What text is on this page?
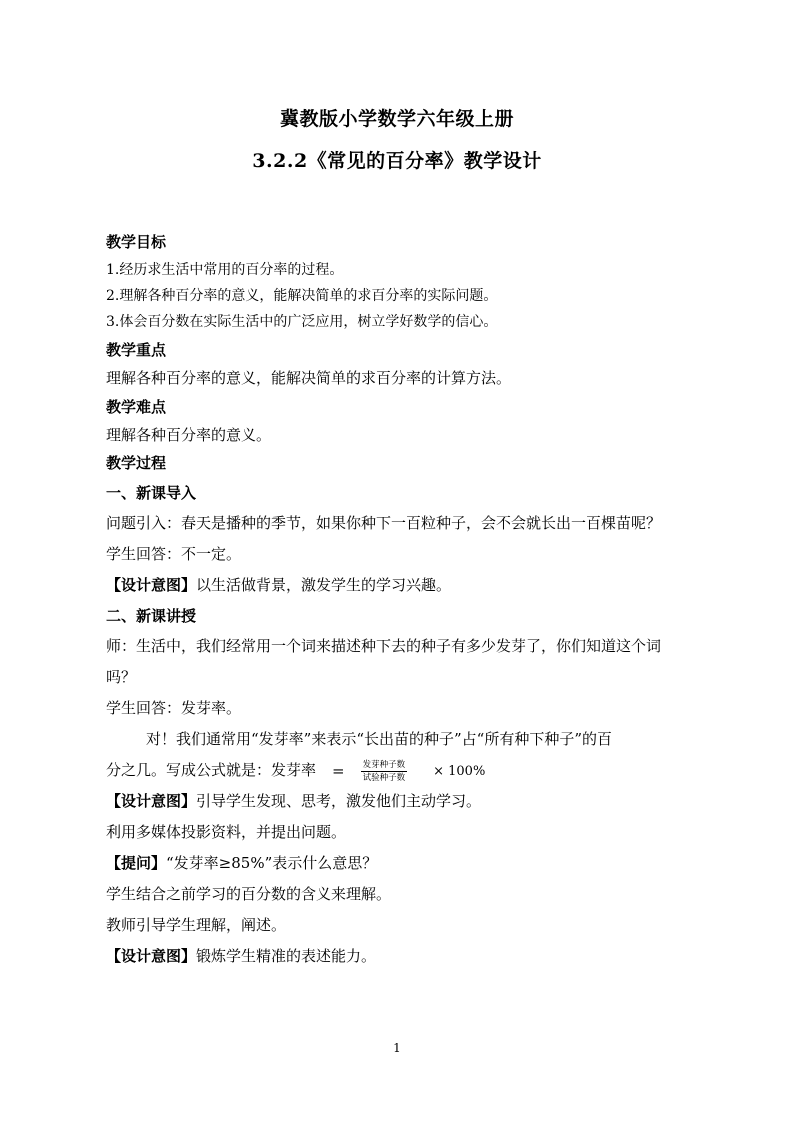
冀教版小学数学六年级上册
3.2.2《常见的百分率》教学设计
教学目标
1.经历求生活中常用的百分率的过程。
2.理解各种百分率的意义，能解决简单的求百分率的实际问题。
3.体会百分数在实际生活中的广泛应用，树立学好数学的信心。
教学重点
理解各种百分率的意义，能解决简单的求百分率的计算方法。
教学难点
理解各种百分率的意义。
教学过程
一、新课导入
问题引入：春天是播种的季节，如果你种下一百粒种子，会不会就长出一百棵苗呢？
学生回答：不一定。
【设计意图】以生活做背景，激发学生的学习兴趣。
二、新课讲授
师：生活中，我们经常用一个词来描述种下去的种子有多少发芽了，你们知道这个词
吗？
学生回答：发芽率。
对！我们通常用“发芽率”来表示“长出苗的种子”占“所有种下种子”的百
分之几。写成公式就是：发芽率 = $\frac{\text{发芽种子数}}{\text{试验种子数}} \times 100\%$
【设计意图】引导学生发现、思考，激发他们主动学习。
利用多媒体投影资料，并提出问题。
【提问】“发芽率≥85%”表示什么意思？
学生结合之前学习的百分数的含义来理解。
教师引导学生理解，阐述。
【设计意图】锻炼学生精准的表述能力。
1
